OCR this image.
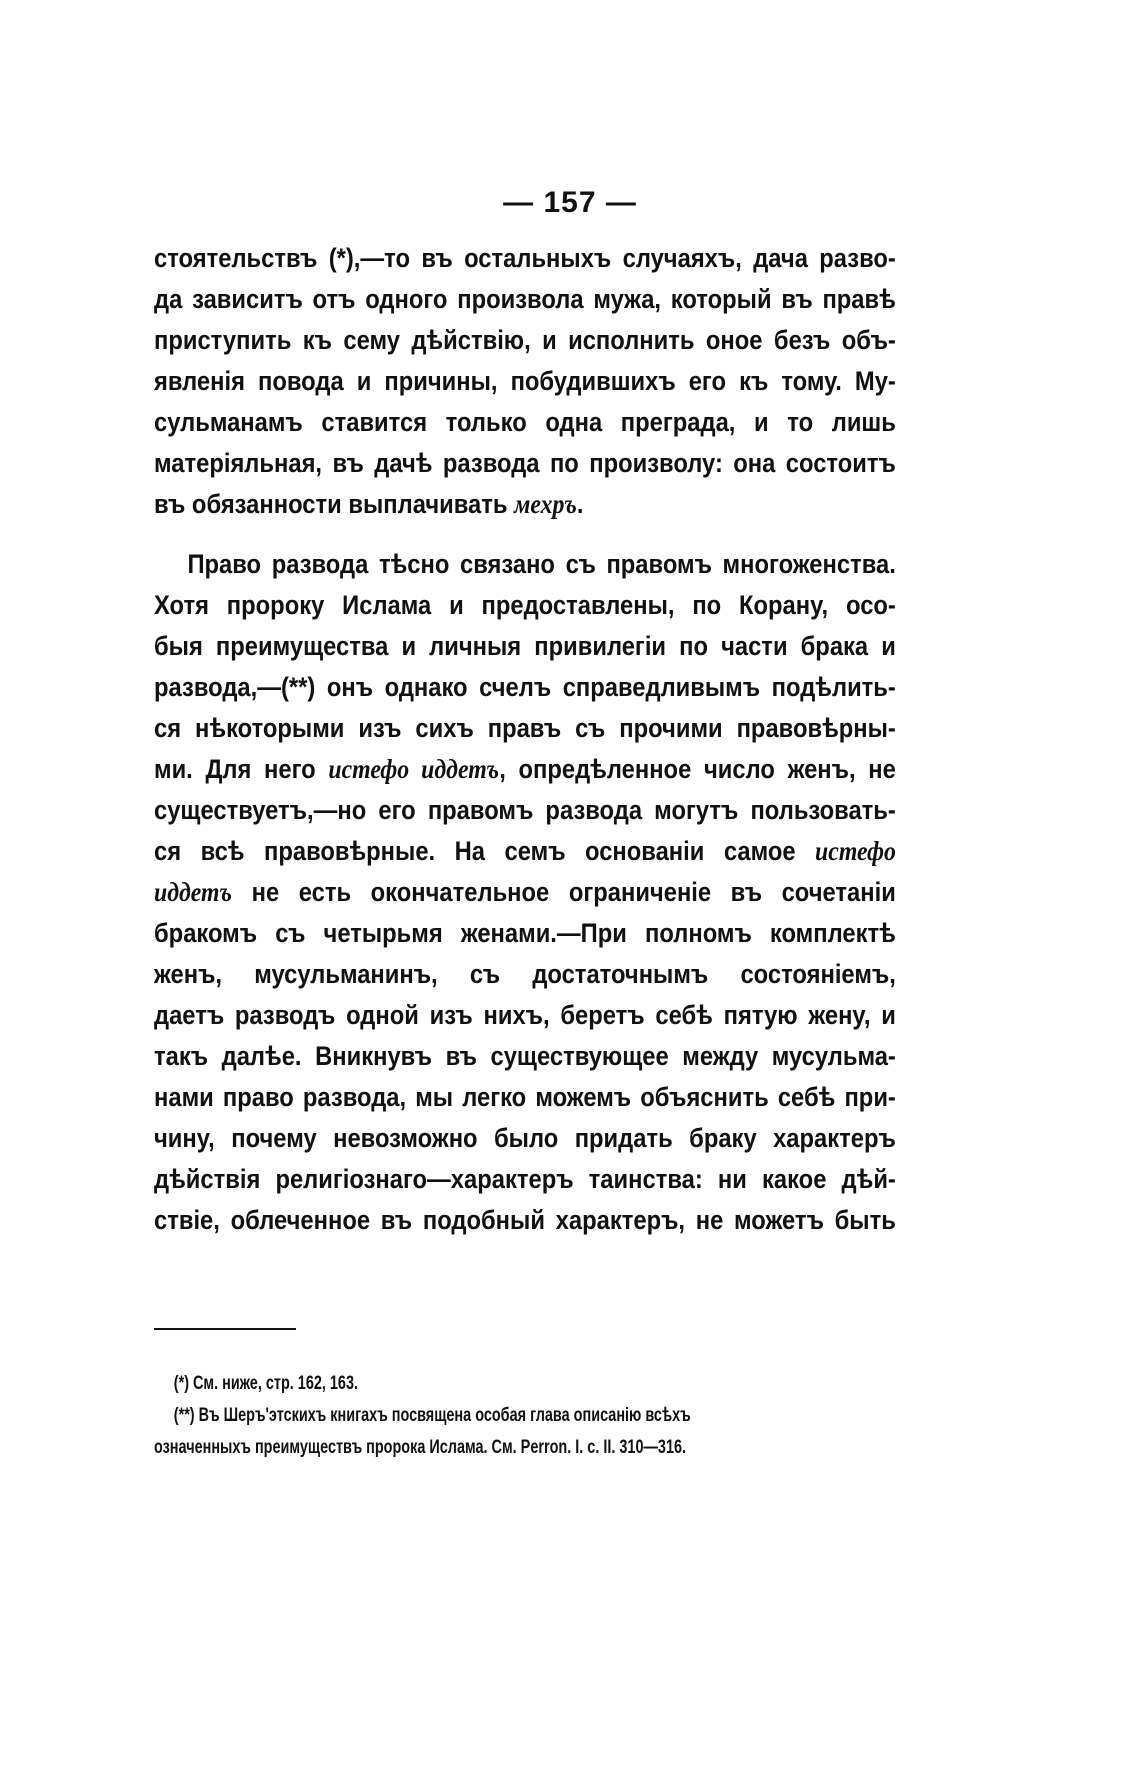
— 157 —
стоятельствъ (*),—то въ остальныхъ случаяхъ, дача разво-
да зависитъ отъ одного произвола мужа, который въ правѣ
приступить къ сему дѣйствію, и исполнить оное безъ объ-
явленія повода и причины, побудившихъ его къ тому. Му-
сульманамъ ставится только одна преграда, и то лишь
матеріяльная, въ дачѣ развода по произволу: она состоитъ
въ обязанности выплачивать мехръ.
Право развода тѣсно связано съ правомъ многоженства.
Хотя пророку Ислама и предоставлены, по Корану, осо-
быя преимущества и личныя привилегіи по части брака и
развода,—(**) онъ однако счелъ справедливымъ подѣлить-
ся нѣкоторыми изъ сихъ правъ съ прочими правовѣрны-
ми. Для него истефо иддетъ, опредѣленное число женъ, не
существуетъ,—но его правомъ развода могутъ пользовать-
ся всѣ правовѣрные. На семъ основаніи самое истефо
иддетъ не есть окончательное ограниченіе въ сочетаніи
бракомъ съ четырьмя женами.—При полномъ комплектѣ
женъ, мусульманинъ, съ достаточнымъ состояніемъ,
даетъ разводъ одной изъ нихъ, беретъ себѣ пятую жену, и
такъ далѣе. Вникнувъ въ существующее между мусульма-
нами право развода, мы легко можемъ объяснить себѣ при-
чину, почему невозможно было придать браку характеръ
дѣйствія религіознаго—характеръ таинства: ни какое дѣй-
ствіе, облеченное въ подобный характеръ, не можетъ быть
(*) См. ниже, стр. 162, 163.
(**) Въ Шеръ'этскихъ книгахъ посвящена особая глава описанію всѣхъ
означенныхъ преимуществъ пророка Ислама. См. Perron. I. с. II. 310—316.
